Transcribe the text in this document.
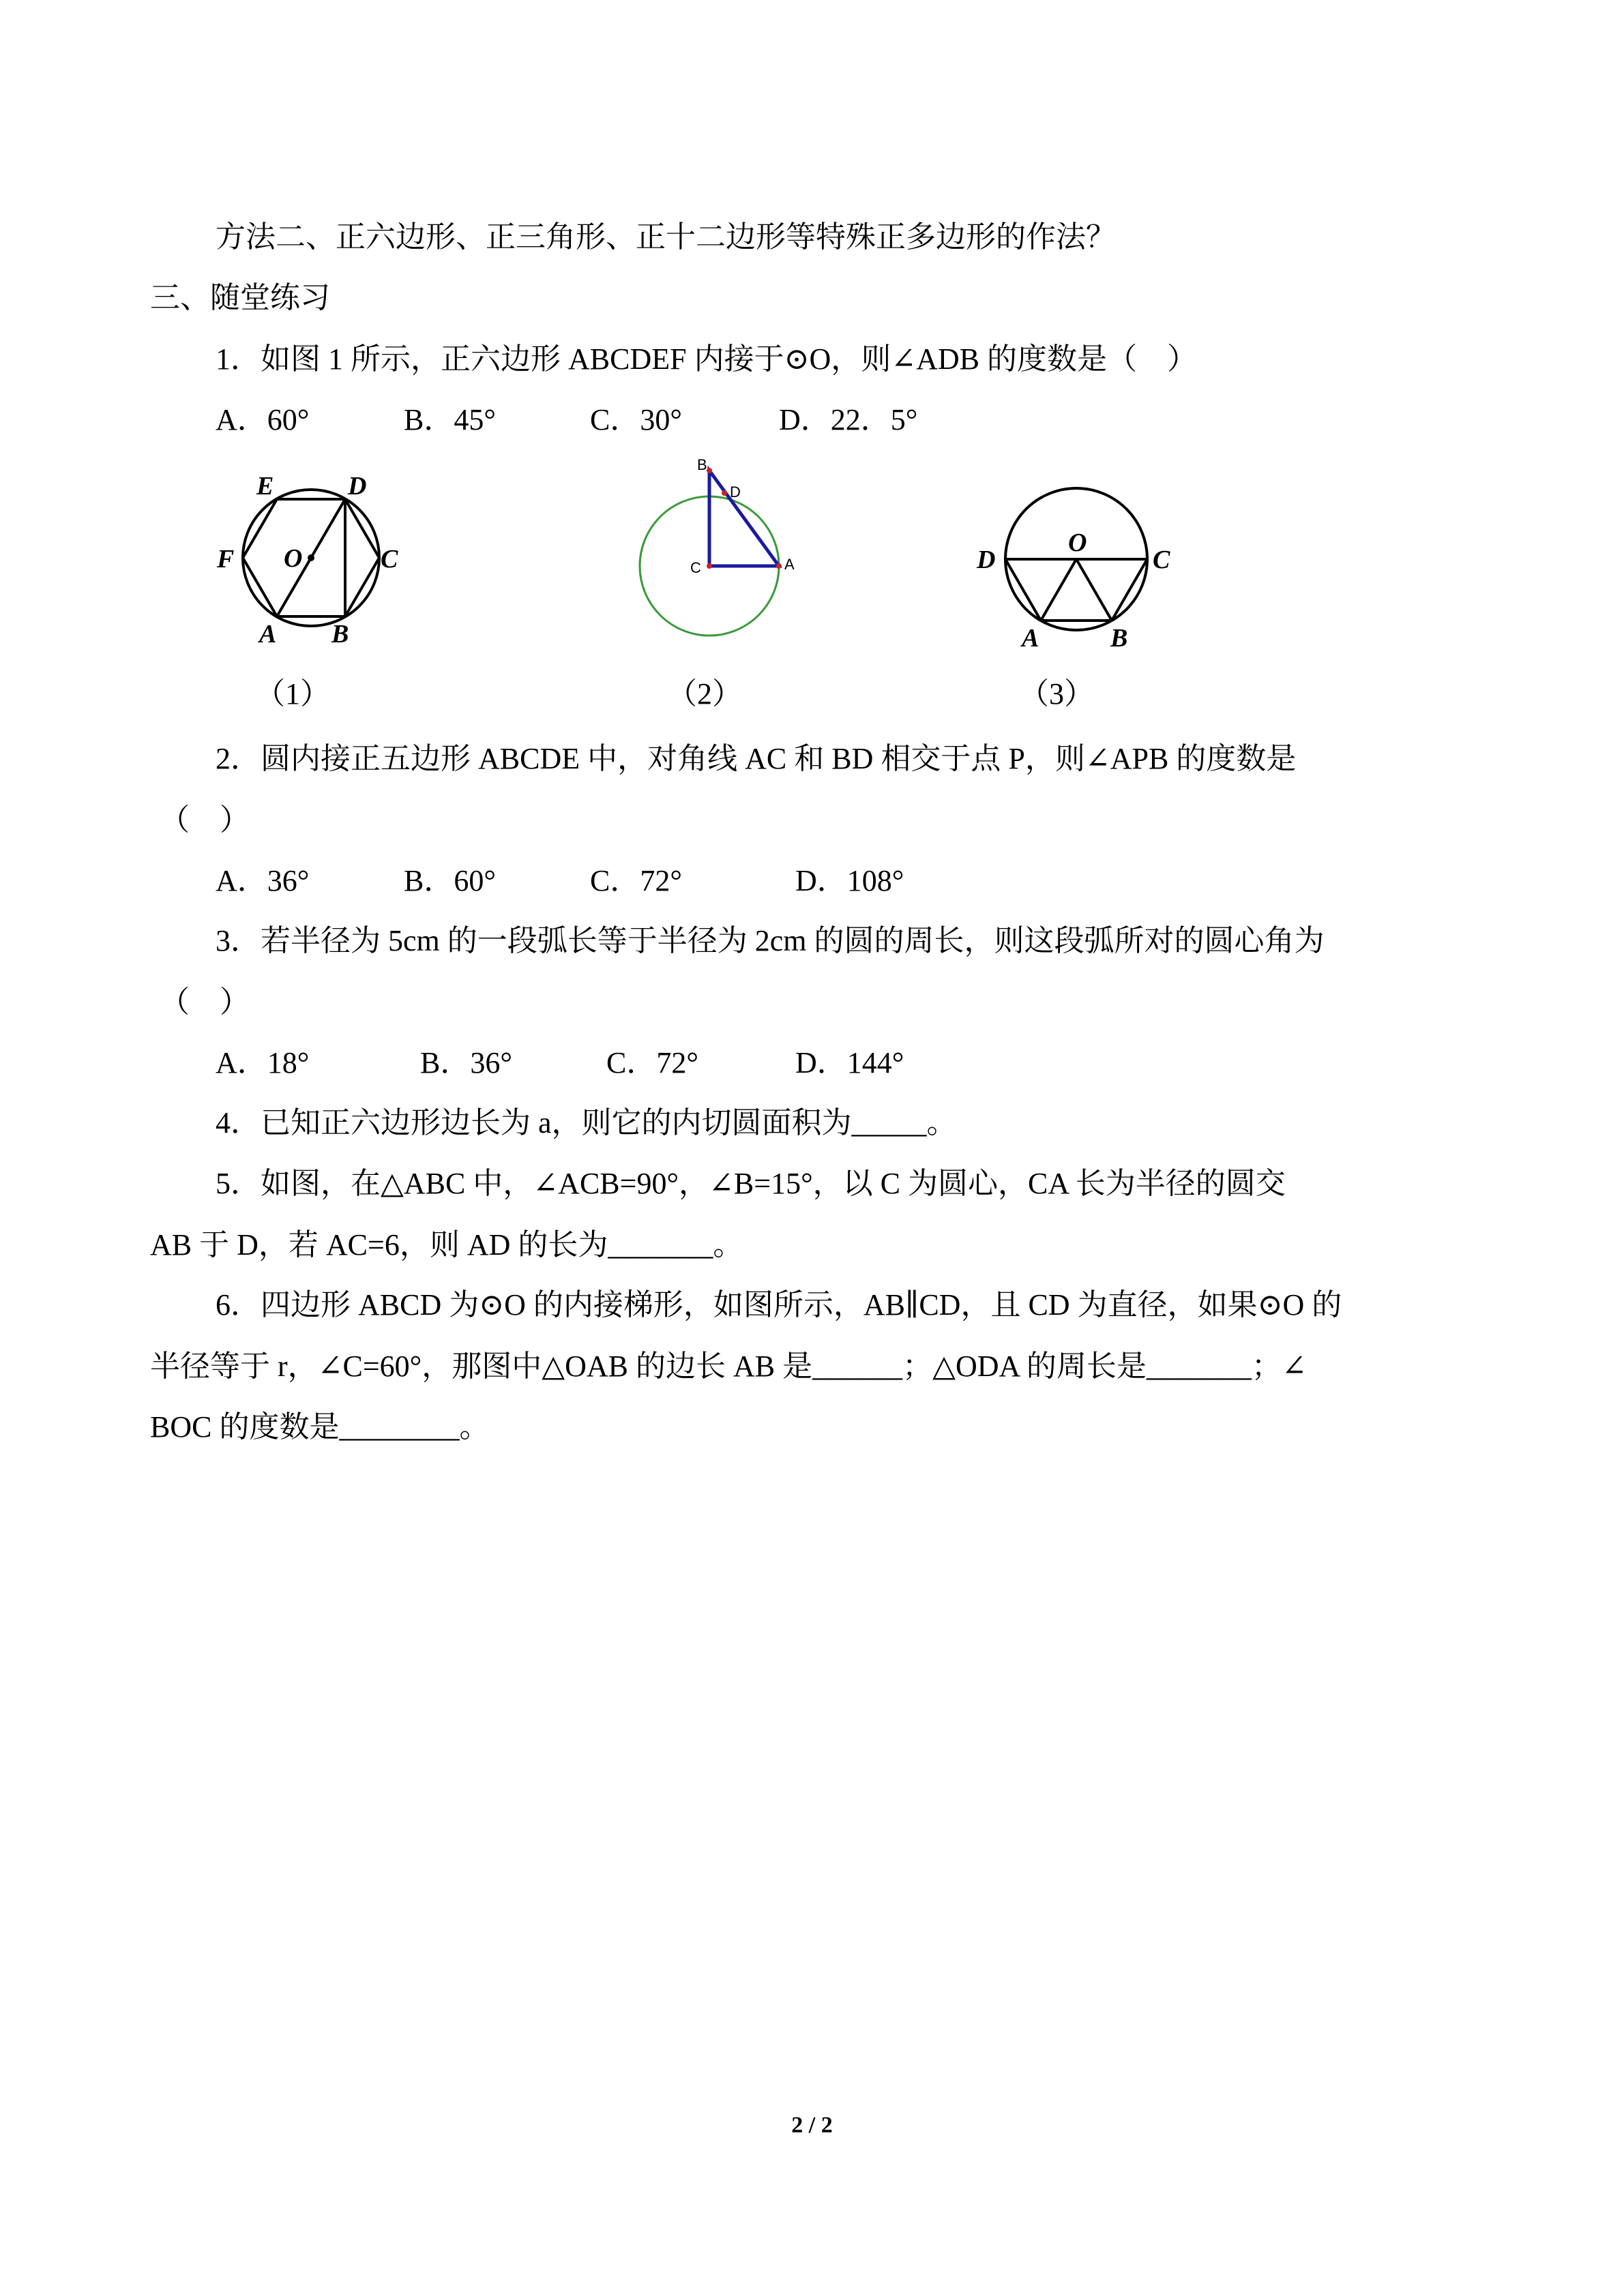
方法二、正六边形、正三角形、正十二边形等特殊正多边形的作法？
三、随堂练习
1．如图 1 所示，正六边形 ABCDEF 内接于⊙O，则∠ADB 的度数是（　）
A．60°	B．45°	C．30°	D．22．5°
E	D
F O	C
A B
B
D
C	A
O
D	C
A	B
（1）	（2）	（3）
2．圆内接正五边形 ABCDE 中，对角线 AC 和 BD 相交于点 P，则∠APB 的度数是
（　）
A．36°	B．60°	C．72°	D．108°
3．若半径为 5cm 的一段弧长等于半径为 2cm 的圆的周长，则这段弧所对的圆心角为
（　）
A．18°	B．36°	C．72°	D．144°
4．已知正六边形边长为 a，则它的内切圆面积为_____。
5．如图，在△ABC 中，∠ACB=90°，∠B=15°，以 C 为圆心，CA 长为半径的圆交
AB 于 D，若 AC=6，则 AD 的长为_______。
6．四边形 ABCD 为⊙O 的内接梯形，如图所示，AB∥CD，且 CD 为直径，如果⊙O 的
半径等于 r，∠C=60°，那图中△OAB 的边长 AB 是______；△ODA 的周长是_______；∠
BOC 的度数是________。
2 / 2
